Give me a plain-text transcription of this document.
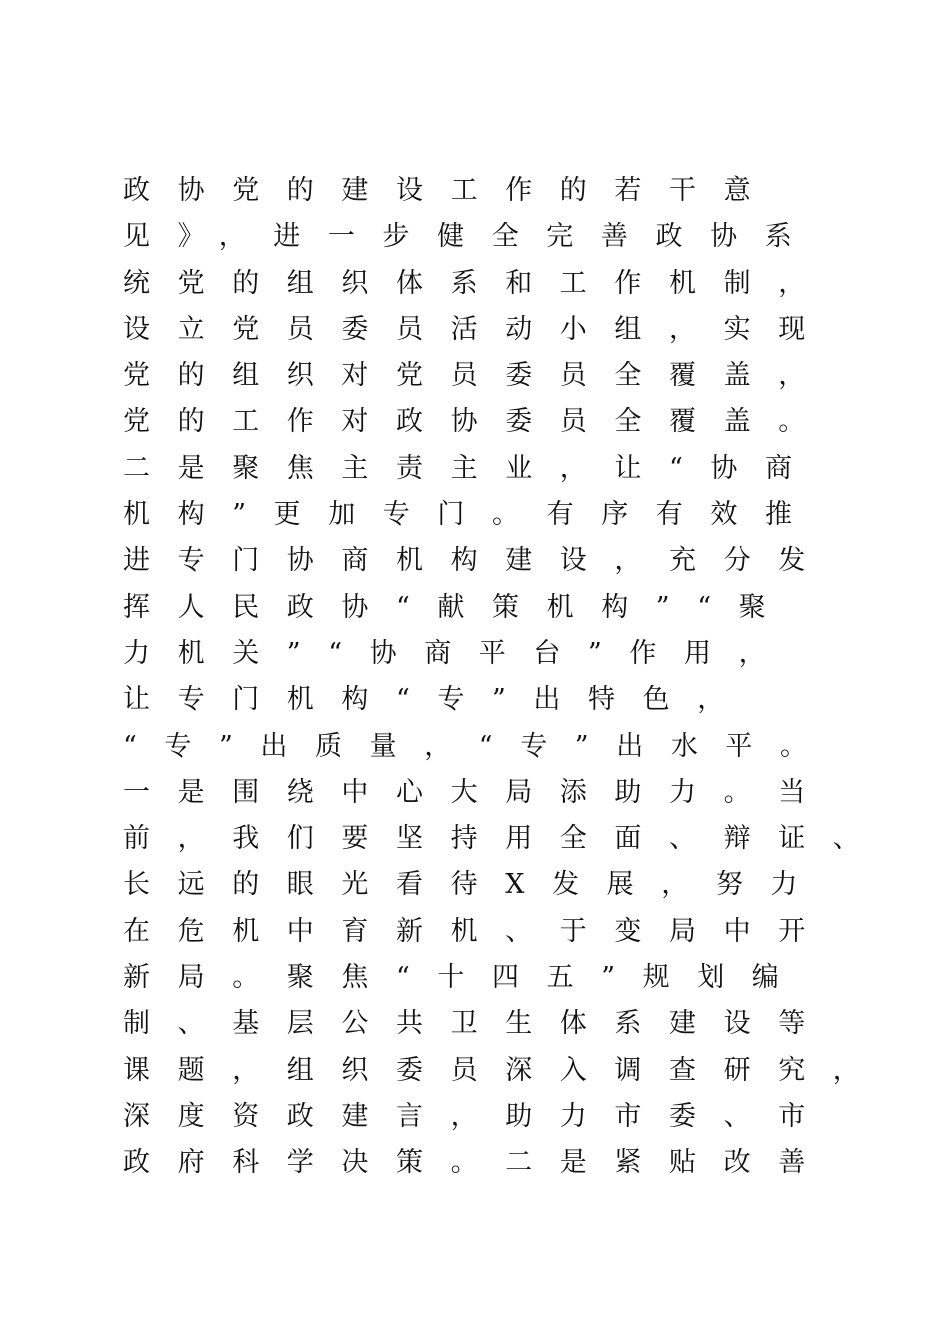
政协党的建设工作的若干意
见》，进一步健全完善政协系
统党的组织体系和工作机制，
设立党员委员活动小组，实现
党的组织对党员委员全覆盖，
党的工作对政协委员全覆盖。
二是聚焦主责主业，让“协商
机构”更加专门。有序有效推
进专门协商机构建设，充分发
挥人民政协“献策机构”“聚
力机关”“协商平台”作用，
让专门机构“专”出特色，
“专”出质量，“专”出水平。
一是围绕中心大局添助力。当
前，我们要坚持用全面、辩证、
长远的眼光看待X发展，努力
在危机中育新机、于变局中开
新局。聚焦“十四五”规划编
制、基层公共卫生体系建设等
课题，组织委员深入调查研究，
深度资政建言，助力市委、市
政府科学决策。二是紧贴改善
